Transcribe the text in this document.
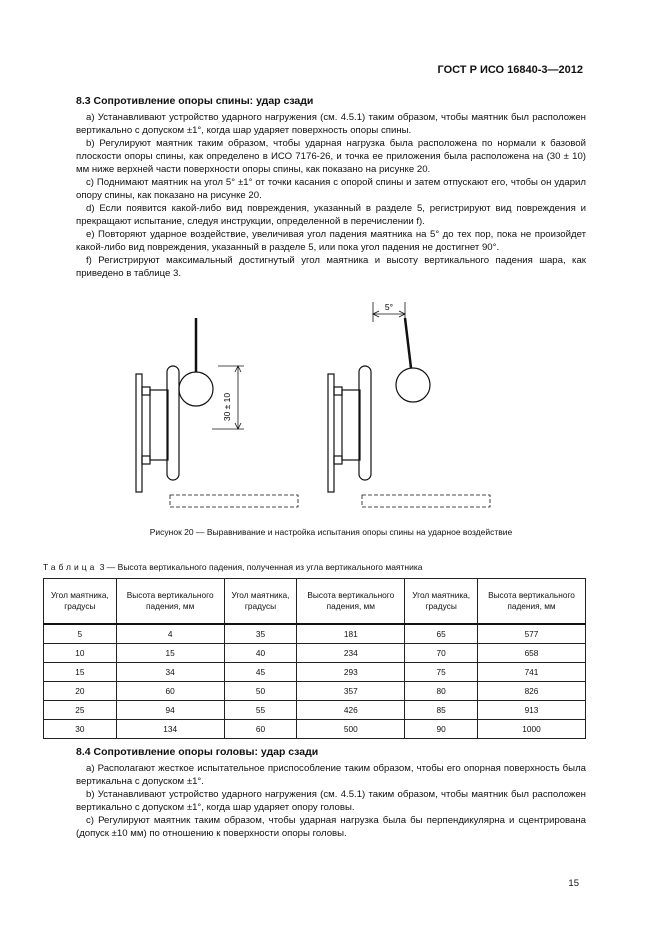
ГОСТ Р ИСО 16840-3—2012
8.3 Сопротивление опоры спины: удар сзади

a) Устанавливают устройство ударного нагружения (см. 4.5.1) таким образом, чтобы маятник был расположен вертикально с допуском ±1°, когда шар ударяет поверхность опоры спины.

b) Регулируют маятник таким образом, чтобы ударная нагрузка была расположена по нормали к базовой плоскости опоры спины, как определено в ИСО 7176-26, и точка ее приложения была расположена на (30 ± 10) мм ниже верхней части поверхности опоры спины, как показано на рисунке 20.

c) Поднимают маятник на угол 5° ±1° от точки касания с опорой спины и затем отпускают его, чтобы он ударил опору спины, как показано на рисунке 20.

d) Если появится какой-либо вид повреждения, указанный в разделе 5, регистрируют вид повреждения и прекращают испытание, следуя инструкции, определенной в перечислении f).

e) Повторяют ударное воздействие, увеличивая угол падения маятника на 5° до тех пор, пока не произойдет какой-либо вид повреждения, указанный в разделе 5, или пока угол падения не достигнет 90°.

f) Регистрируют максимальный достигнутый угол маятника и высоту вертикального падения шара, как приведено в таблице 3.

30 ± 10
5°
Рисунок 20 — Выравнивание и настройка испытания опоры спины на ударное воздействие
Таблица 3 — Высота вертикального падения, полученная из угла вертикального маятника
Угол маятника, градусы	Высота вертикального падения, мм	Угол маятника, градусы	Высота вертикального падения, мм	Угол маятника, градусы	Высота вертикального падения, мм
5	4	35	181	65	577
10	15	40	234	70	658
15	34	45	293	75	741
20	60	50	357	80	826
25	94	55	426	85	913
30	134	60	500	90	1000
8.4 Сопротивление опоры головы: удар сзади

a) Располагают жесткое испытательное приспособление таким образом, чтобы его опорная поверхность была вертикальна с допуском ±1°.

b) Устанавливают устройство ударного нагружения (см. 4.5.1) таким образом, чтобы маятник был расположен вертикально с допуском ±1°, когда шар ударяет опору головы.

c) Регулируют маятник таким образом, чтобы ударная нагрузка была бы перпендикулярна и сцентрирована (допуск ±10 мм) по отношению к поверхности опоры головы.

15
